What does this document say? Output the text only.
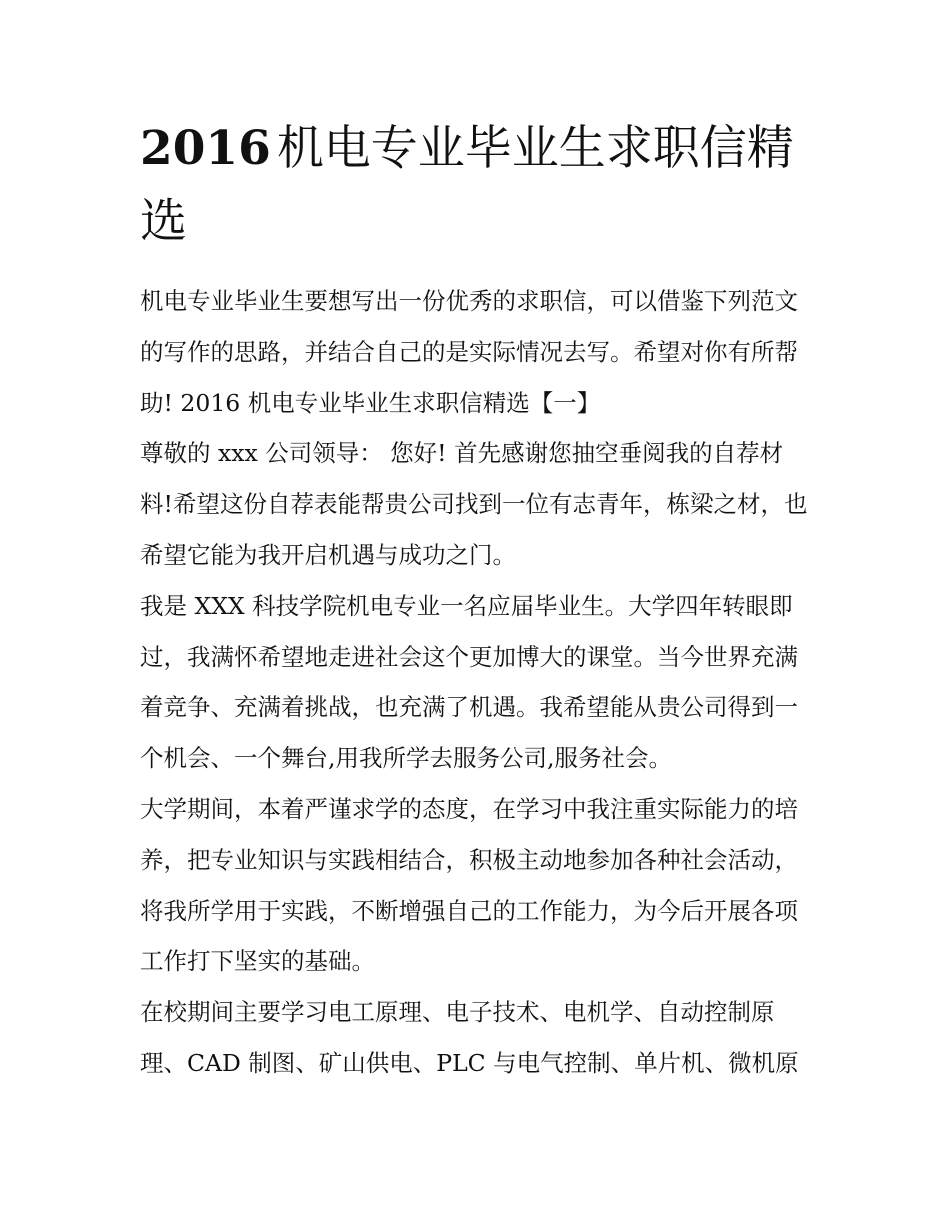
2016 机电专业毕业生求职信精选

机电专业毕业生要想写出一份优秀的求职信，可以借鉴下列范文的写作的思路，并结合自己的是实际情况去写。希望对你有所帮助! 2016 机电专业毕业生求职信精选【一】

尊敬的 xxx 公司领导： 您好! 首先感谢您抽空垂阅我的自荐材料!希望这份自荐表能帮贵公司找到一位有志青年，栋梁之材，也希望它能为我开启机遇与成功之门。

我是 XXX 科技学院机电专业一名应届毕业生。大学四年转眼即过，我满怀希望地走进社会这个更加博大的课堂。当今世界充满着竞争、充满着挑战，也充满了机遇。我希望能从贵公司得到一个机会、一个舞台,用我所学去服务公司,服务社会。

大学期间，本着严谨求学的态度，在学习中我注重实际能力的培养，把专业知识与实践相结合，积极主动地参加各种社会活动，将我所学用于实践，不断增强自己的工作能力，为今后开展各项工作打下坚实的基础。

在校期间主要学习电工原理、电子技术、电机学、自动控制原理、CAD 制图、矿山供电、PLC 与电气控制、单片机、微机原
